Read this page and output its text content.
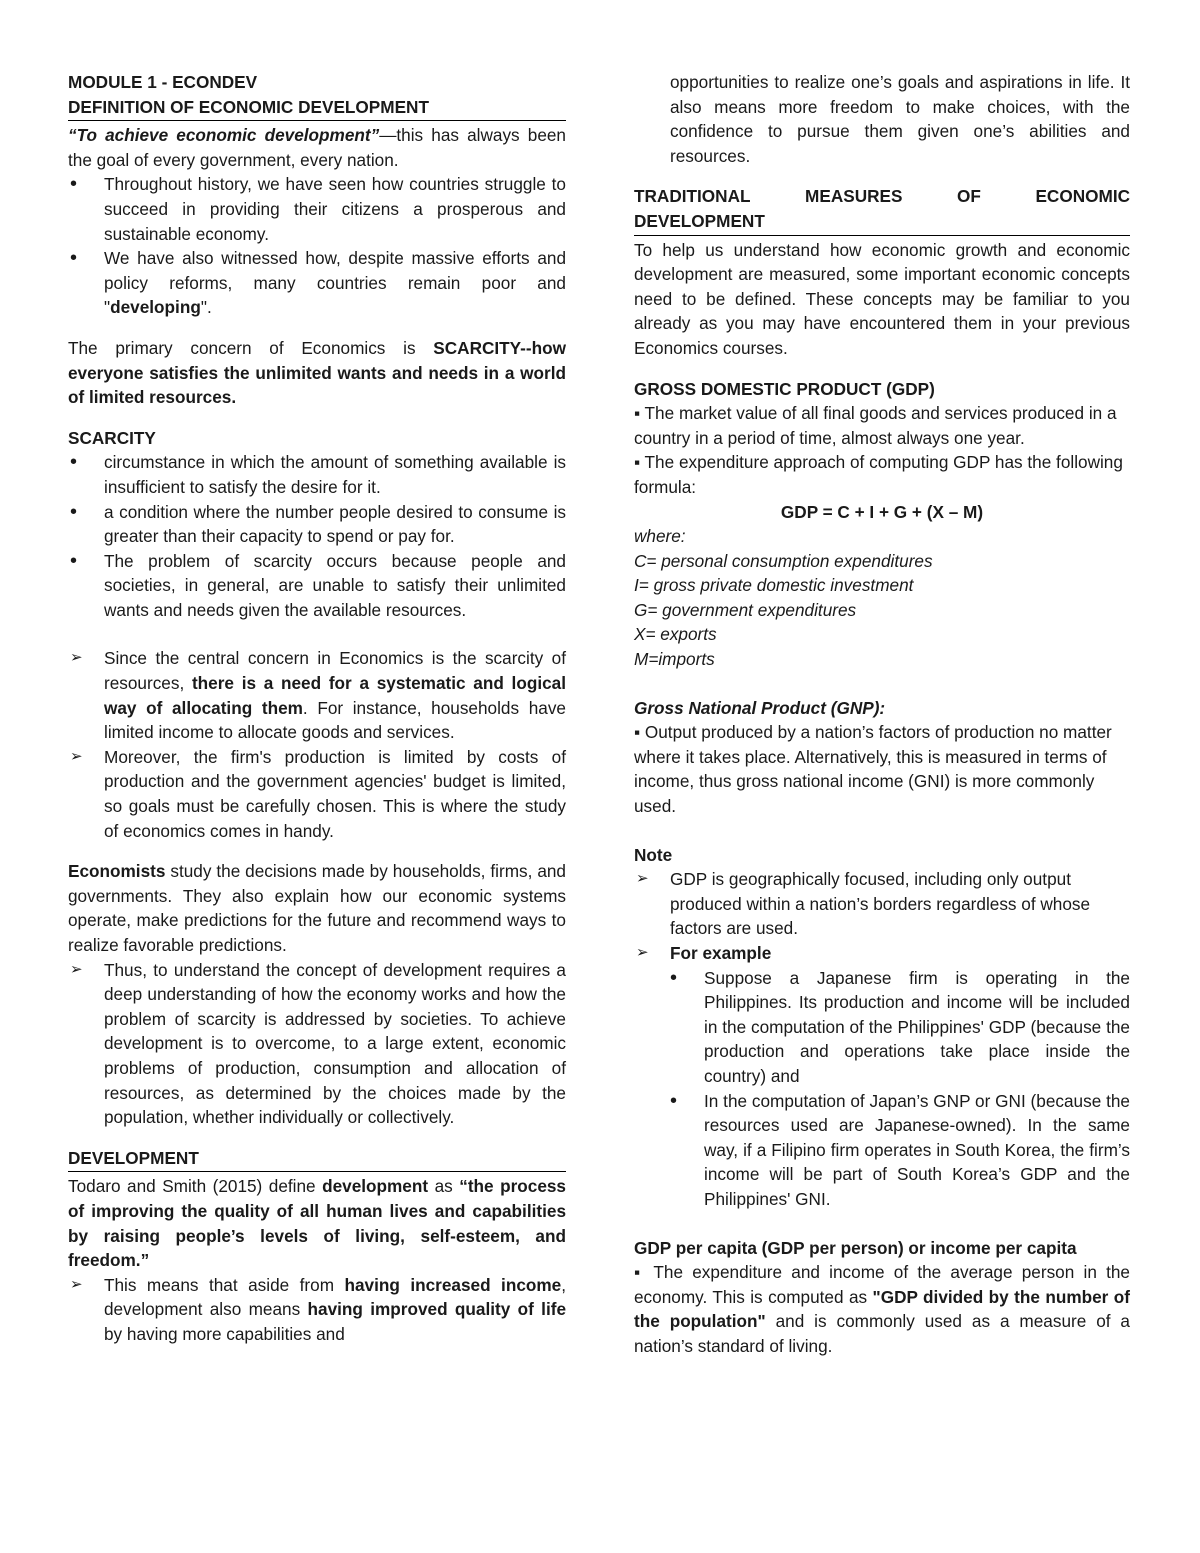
MODULE 1 - ECONDEV

DEFINITION OF ECONOMIC DEVELOPMENT

“To achieve economic development”—this has always been the goal of every government, every nation.

•	Throughout history, we have seen how countries struggle to succeed in providing their citizens a prosperous and sustainable economy.
•	We have also witnessed how, despite massive efforts and policy reforms, many countries remain poor and "developing".

The primary concern of Economics is SCARCITY--how everyone satisfies the unlimited wants and needs in a world of limited resources.

SCARCITY

•	circumstance in which the amount of something available is insufficient to satisfy the desire for it.
•	a condition where the number people desired to consume is greater than their capacity to spend or pay for.
•	The problem of scarcity occurs because people and societies, in general, are unable to satisfy their unlimited wants and needs given the available resources.
➢	Since the central concern in Economics is the scarcity of resources, there is a need for a systematic and logical way of allocating them. For instance, households have limited income to allocate goods and services.
➢	Moreover, the firm's production is limited by costs of production and the government agencies' budget is limited, so goals must be carefully chosen. This is where the study of economics comes in handy.

Economists study the decisions made by households, firms, and governments. They also explain how our economic systems operate, make predictions for the future and recommend ways to realize favorable predictions.

➢	Thus, to understand the concept of development requires a deep understanding of how the economy works and how the problem of scarcity is addressed by societies. To achieve development is to overcome, to a large extent, economic problems of production, consumption and allocation of resources, as determined by the choices made by the population, whether individually or collectively.

DEVELOPMENT

Todaro and Smith (2015) define development as “the process of improving the quality of all human lives and capabilities by raising people’s levels of living, self-esteem, and freedom.”

➢	This means that aside from having increased income, development also means having improved quality of life by having more capabilities and

opportunities to realize one’s goals and aspirations in life. It also means more freedom to make choices, with the confidence to pursue them given one’s abilities and resources.

TRADITIONAL	MEASURES	OF	ECONOMIC

DEVELOPMENT

To help us understand how economic growth and economic development are measured, some important economic concepts need to be defined. These concepts may be familiar to you already as you may have encountered them in your previous Economics courses.

GROSS DOMESTIC PRODUCT (GDP)

▪ The market value of all final goods and services produced in a country in a period of time, almost always one year.

▪ The expenditure approach of computing GDP has the following formula:

GDP = C + I + G + (X – M)

where:

C= personal consumption expenditures

I= gross private domestic investment

G= government expenditures

X= exports

M=imports

Gross National Product (GNP):

▪ Output produced by a nation’s factors of production no matter where it takes place. Alternatively, this is measured in terms of income, thus gross national income (GNI) is more commonly used.

Note

➢	GDP is geographically focused, including only output produced within a nation’s borders regardless of whose factors are used.
➢	For example
•	Suppose a Japanese firm is operating in the Philippines. Its production and income will be included in the computation of the Philippines' GDP (because the production and operations take place inside the country) and
•	In the computation of Japan’s GNP or GNI (because the resources used are Japanese-owned). In the same way, if a Filipino firm operates in South Korea, the firm’s income will be part of South Korea’s GDP and the Philippines' GNI.

GDP per capita (GDP per person) or income per capita

▪ The expenditure and income of the average person in the economy. This is computed as "GDP divided by the number of the population" and is commonly used as a measure of a nation’s standard of living.
